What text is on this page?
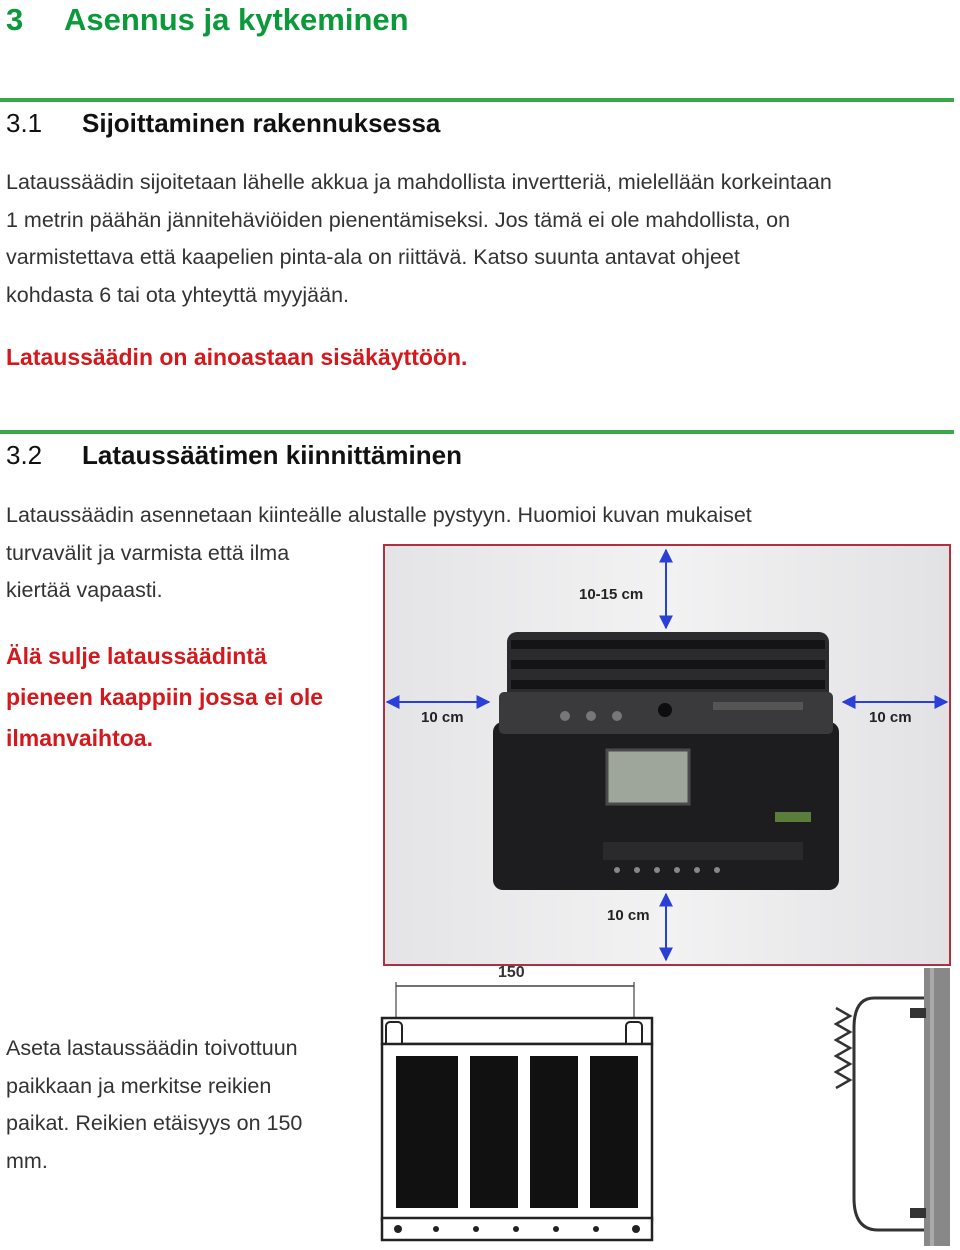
3 Asennus ja kytkeminen
3.1 Sijoittaminen rakennuksessa
Lataussäädin sijoitetaan lähelle akkua ja mahdollista invertteriä, mielellään korkeintaan
1 metrin päähän jännitehäviöiden pienentämiseksi. Jos tämä ei ole mahdollista, on
varmistettava että kaapelien pinta-ala on riittävä. Katso suunta antavat ohjeet
kohdasta 6 tai ota yhteyttä myyjään.
Lataussäädin on ainoastaan sisäkäyttöön.
3.2 Lataussäätimen kiinnittäminen
Lataussäädin asennetaan kiinteälle alustalle pystyyn. Huomioi kuvan mukaiset
turvavälit ja varmista että ilma
kiertää vapaasti.
Älä sulje lataussäädintä
pieneen kaappiin jossa ei ole
ilmanvaihtoa.
Aseta lastaussäädin toivottuun
paikkaan ja merkitse reikien
paikat. Reikien etäisyys on 150
mm.
10-15 cm
10 cm	10 cm
10 cm
150
